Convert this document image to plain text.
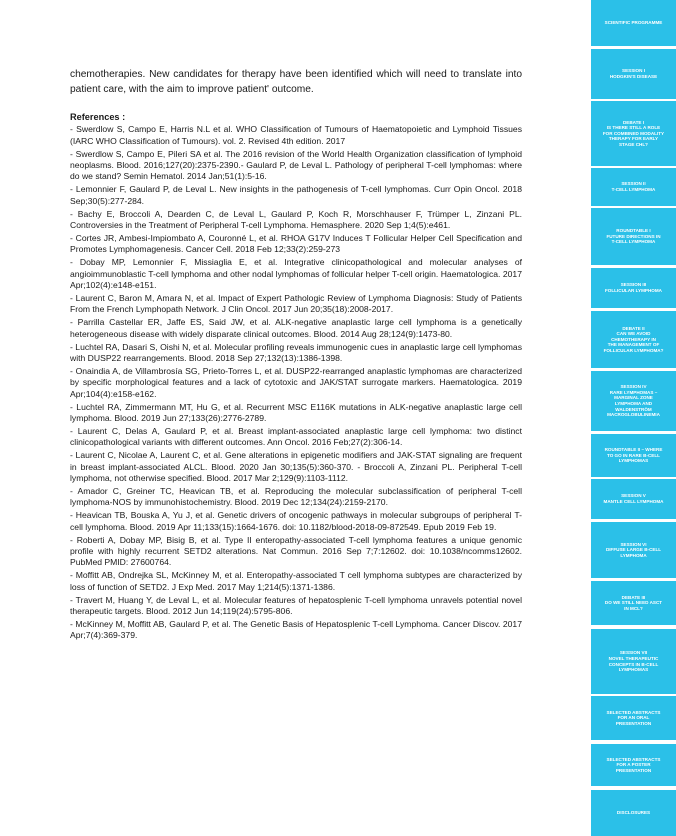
chemotherapies. New candidates for therapy have been identified which will need to translate into patient care, with the aim to improve patient' outcome.

References :
- Swerdlow S, Campo E, Harris N.L et al. WHO Classification of Tumours of Haematopoietic and Lymphoid Tissues (IARC WHO Classification of Tumours). vol. 2. Revised 4th edition. 2017
- Swerdlow S, Campo E, Pileri SA et al. The 2016 revision of the World Health Organization classification of lymphoid neoplasms. Blood. 2016;127(20):2375-2390.- Gaulard P, de Leval L. Pathology of peripheral T-cell lymphomas: where do we stand? Semin Hematol. 2014 Jan;51(1):5-16.
- Lemonnier F, Gaulard P, de Leval L. New insights in the pathogenesis of T-cell lymphomas. Curr Opin Oncol. 2018 Sep;30(5):277-284.
- Bachy E, Broccoli A, Dearden C, de Leval L, Gaulard P, Koch R, Morschhauser F, Trümper L, Zinzani PL. Controversies in the Treatment of Peripheral T-cell Lymphoma. Hemasphere. 2020 Sep 1;4(5):e461.
- Cortes JR, Ambesi-Impiombato A, Couronné L, et al. RHOA G17V Induces T Follicular Helper Cell Specification and Promotes Lymphomagenesis. Cancer Cell. 2018 Feb 12;33(2):259-273
- Dobay MP, Lemonnier F, Missiaglia E, et al. Integrative clinicopathological and molecular analyses of angioimmunoblastic T-cell lymphoma and other nodal lymphomas of follicular helper T-cell origin. Haematologica. 2017 Apr;102(4):e148-e151.
- Laurent C, Baron M, Amara N, et al. Impact of Expert Pathologic Review of Lymphoma Diagnosis: Study of Patients From the French Lymphopath Network. J Clin Oncol. 2017 Jun 20;35(18):2008-2017.
- Parrilla Castellar ER, Jaffe ES, Said JW, et al. ALK-negative anaplastic large cell lymphoma is a genetically heterogeneous disease with widely disparate clinical outcomes. Blood. 2014 Aug 28;124(9):1473-80.
- Luchtel RA, Dasari S, Oishi N, et al. Molecular profiling reveals immunogenic cues in anaplastic large cell lymphomas with DUSP22 rearrangements. Blood. 2018 Sep 27;132(13):1386-1398.
- Onaindia A, de Villambrosía SG, Prieto-Torres L, et al. DUSP22-rearranged anaplastic lymphomas are characterized by specific morphological features and a lack of cytotoxic and JAK/STAT surrogate markers. Haematologica. 2019 Apr;104(4):e158-e162.
- Luchtel RA, Zimmermann MT, Hu G, et al. Recurrent MSC E116K mutations in ALK-negative anaplastic large cell lymphoma. Blood. 2019 Jun 27;133(26):2776-2789.
- Laurent C, Delas A, Gaulard P, et al. Breast implant-associated anaplastic large cell lymphoma: two distinct clinicopathological variants with different outcomes. Ann Oncol. 2016 Feb;27(2):306-14.
- Laurent C, Nicolae A, Laurent C, et al. Gene alterations in epigenetic modifiers and JAK-STAT signaling are frequent in breast implant-associated ALCL. Blood. 2020 Jan 30;135(5):360-370. - Broccoli A, Zinzani PL. Peripheral T-cell lymphoma, not otherwise specified. Blood. 2017 Mar 2;129(9):1103-1112.
- Amador C, Greiner TC, Heavican TB, et al. Reproducing the molecular subclassification of peripheral T-cell lymphoma-NOS by immunohistochemistry. Blood. 2019 Dec 12;134(24):2159-2170.
- Heavican TB, Bouska A, Yu J, et al. Genetic drivers of oncogenic pathways in molecular subgroups of peripheral T-cell lymphoma. Blood. 2019 Apr 11;133(15):1664-1676. doi: 10.1182/blood-2018-09-872549. Epub 2019 Feb 19.
- Roberti A, Dobay MP, Bisig B, et al. Type II enteropathy-associated T-cell lymphoma features a unique genomic profile with highly recurrent SETD2 alterations. Nat Commun. 2016 Sep 7;7:12602. doi: 10.1038/ncomms12602. PubMed PMID: 27600764.
- Moffitt AB, Ondrejka SL, McKinney M, et al. Enteropathy-associated T cell lymphoma subtypes are characterized by loss of function of SETD2. J Exp Med. 2017 May 1;214(5):1371-1386.
- Travert M, Huang Y, de Leval L, et al. Molecular features of hepatosplenic T-cell lymphoma unravels potential novel therapeutic targets. Blood. 2012 Jun 14;119(24):5795-806.
- McKinney M, Moffitt AB, Gaulard P, et al. The Genetic Basis of Hepatosplenic T-cell Lymphoma. Cancer Discov. 2017 Apr;7(4):369-379.
SCIENTIFIC PROGRAMME
SESSION I
HODGKIN'S DISEASE
DEBATE I
IS THERE STILL A ROLE
FOR COMBINED MODALITY
THERAPY FOR EARLY
STAGE CHL?
SESSION II
T-CELL LYMPHOMA
ROUNDTABLE I
FUTURE DIRECTIONS IN
T-CELL LYMPHOMA
SESSION III
FOLLICULAR LYMPHOMA
DEBATE II
CAN WE AVOID
CHEMOTHERAPY IN
THE MANAGEMENT OF
FOLLICULAR LYMPHOMA?
SESSION IV
RARE LYMPHOMAS –
MARGINAL ZONE
LYMPHOMA AND
WALDENSTRÖM
MACROGLOBULINEMIA
ROUNDTABLE II – WHERE
TO GO IN RARE B-CELL
LYMPHOMAS
SESSION V
MANTLE CELL LYMPHOMA
SESSION VI
DIFFUSE LARGE B-CELL
LYMPHOMA
DEBATE III
DO WE STILL NEED ASCT
IN MCL?
SESSION VII
NOVEL THERAPEUTIC
CONCEPTS IN B-CELL
LYMPHOMAS
SELECTED ABSTRACTS
FOR AN ORAL
PRESENTATION
SELECTED ABSTRACTS
FOR A POSTER
PRESENTATION
DISCLOSURES
